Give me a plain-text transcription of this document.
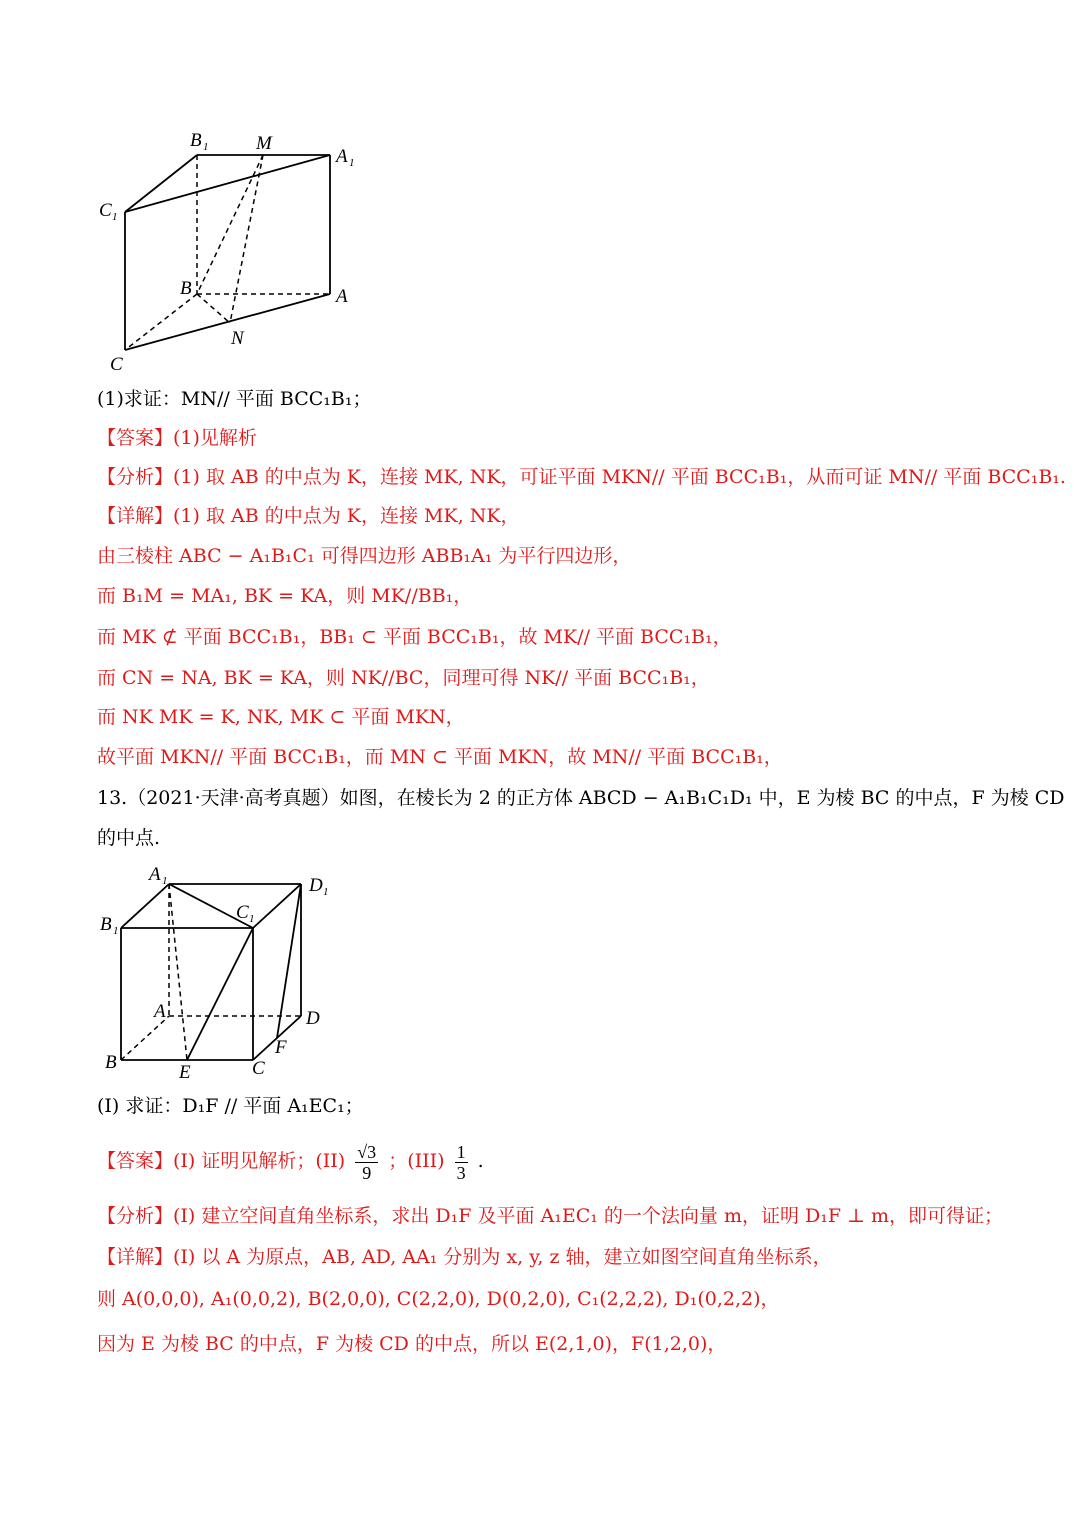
B 1	M
A 1
C 1
B	A
N
C
(1)求证：MN// 平面 BCC₁B₁；
【答案】(1)见解析
【分析】(1) 取 AB 的中点为 K，连接 MK, NK，可证平面 MKN// 平面 BCC₁B₁，从而可证 MN// 平面 BCC₁B₁.
【详解】(1) 取 AB 的中点为 K，连接 MK, NK，
由三棱柱 ABC − A₁B₁C₁ 可得四边形 ABB₁A₁ 为平行四边形，
而 B₁M = MA₁, BK = KA，则 MK//BB₁，
而 MK ⊄ 平面 BCC₁B₁，BB₁ ⊂ 平面 BCC₁B₁，故 MK// 平面 BCC₁B₁，
而 CN = NA, BK = KA，则 NK//BC，同理可得 NK// 平面 BCC₁B₁，
而 NK MK = K, NK, MK ⊂ 平面 MKN，
故平面 MKN// 平面 BCC₁B₁，而 MN ⊂ 平面 MKN，故 MN// 平面 BCC₁B₁，
13.（2021·天津·高考真题）如图，在棱长为 2 的正方体 ABCD − A₁B₁C₁D₁ 中，E 为棱 BC 的中点，F 为棱 CD
的中点.
A 1	D 1
B 1
C 1
A	D
F
B	E	C
(I) 求证：D₁F // 平面 A₁EC₁；
【答案】(I) 证明见解析；$(II) \frac{√3}{9}$ ；$(III) \frac{1}{3}$ .
【分析】(I) 建立空间直角坐标系，求出 D₁F 及平面 A₁EC₁ 的一个法向量 m，证明 D₁F ⊥ m，即可得证；
【详解】(I) 以 A 为原点，AB, AD, AA₁ 分别为 x, y, z 轴，建立如图空间直角坐标系，
则 A(0,0,0), A₁(0,0,2), B(2,0,0), C(2,2,0), D(0,2,0), C₁(2,2,2), D₁(0,2,2)，
因为 E 为棱 BC 的中点，F 为棱 CD 的中点，所以 E(2,1,0)，F(1,2,0)，
